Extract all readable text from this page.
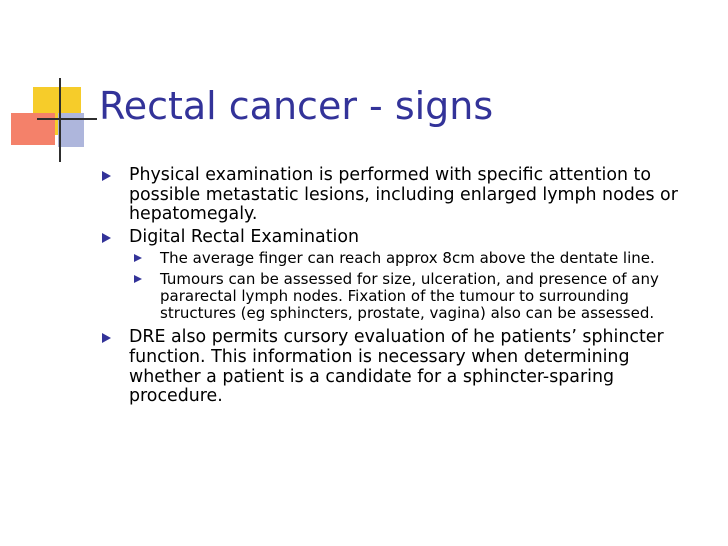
Rectal cancer - signs
Physical examination is performed with specific attention to possible metastatic lesions, including enlarged lymph nodes or hepatomegaly.
Digital Rectal Examination
The average finger can reach approx 8cm above the dentate line.
Tumours can be assessed for size, ulceration, and presence of any pararectal lymph nodes. Fixation of the tumour to surrounding structures (eg sphincters, prostate, vagina) also can be assessed.
DRE also permits cursory evaluation of he patients’ sphincter function. This information is necessary when determining whether a patient is a candidate for a sphincter-sparing procedure.
